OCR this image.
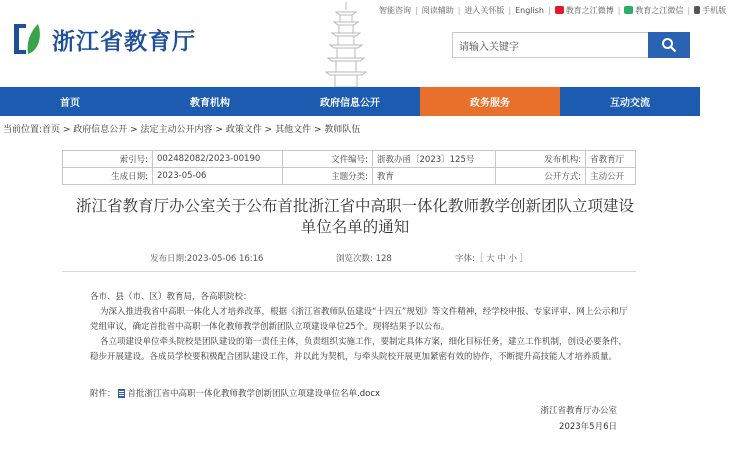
浙江省教育厅
智能咨询 | 阅读辅助 | 进入关怀版 | English |	教育之江微博 |	教育之江微信 |	手机版
请输入关键字
首页	教育机构	政府信息公开	政务服务	互动交流
当前位置:首页 > 政府信息公开 > 法定主动公开内容 > 政策文件 > 其他文件 > 教师队伍
索引号:	002482082/2023-00190	文件编号:	浙教办函〔2023〕125号	发布机构:	省教育厅
生成日期:	2023-05-06	主题分类:	教育	公开方式:	主动公开
浙江省教育厅办公室关于公布首批浙江省中高职一体化教师教学创新团队立项建设
单位名单的通知
发布日期:2023-05-06 16:16	浏览次数: 128	字体:［ 大 中 小 ］
各市、县（市、区）教育局，各高职院校：
为深入推进我省中高职一体化人才培养改革，根据《浙江省教师队伍建设“十四五”规划》等文件精神，经学校申报、专家评审、网上公示和厅党组审议，确定首批省中高职一体化教师教学创新团队立项建设单位25个。现将结果予以公布。
各立项建设单位牵头院校是团队建设的第一责任主体，负责组织实施工作，要制定具体方案，细化目标任务，建立工作机制，创设必要条件，稳步开展建设。各成员学校要积极配合团队建设工作，并以此为契机，与牵头院校开展更加紧密有效的协作，不断提升高技能人才培养质量。
附件： 首批浙江省中高职一体化教师教学创新团队立项建设单位名单.docx
浙江省教育厅办公室
2023年5月6日
